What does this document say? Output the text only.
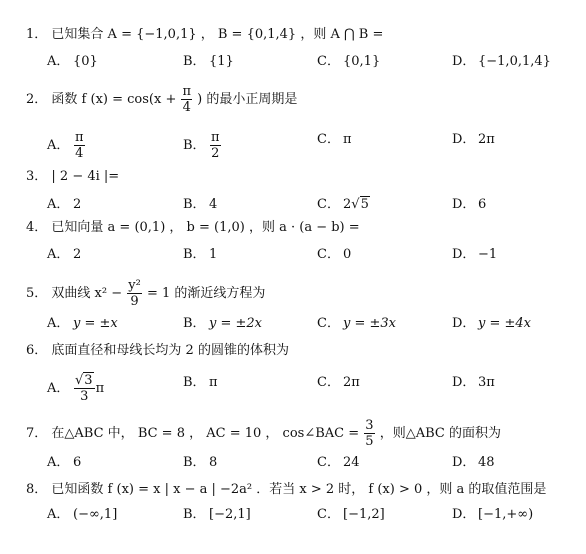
1． 已知集合 A = {−1,0,1} ， B = {0,1,4} ，则 A ⋂ B =
A． {0}	B． {1}	C． {0,1}	D． {−1,0,1,4}
2． 函数 f $(x) = \cos(x + \frac{\pi}{4}$ ) 的最小正周期是
A． $\frac{\pi}{4}$	B． $\frac{\pi}{2}$	C． π	D． 2π
3． | 2 − 4i |=
A． 2	B． 4	C． 2√5	D． 6
4． 已知向量 a = (0,1) ， b = (1,0) ，则 a · (a − b) =
A． 2	B． 1	C． 0	D． −1
5． 双曲线 $x^2 - \frac{\text{y²}}{9} = 1$ 的渐近线方程为
A． y = ±x	B． y = ±2x	C． y = ±3x	D． y = ±4x
6． 底面直径和母线长均为 2 的圆锥的体积为
A． $\frac{√3}{3}$ π	B． π	C． 2π	D． 3π
7． 在△ABC 中， BC = 8 ， AC = 10 ， cos∠BAC = $\frac{3}{5}$ ，则△ABC 的面积为
A． 6	B． 8	C． 24	D． 48
8． 已知函数 f (x) = x | x − a | −2a² ．若当 x > 2 时， f (x) > 0 ，则 a 的取值范围是
A． (−∞,1]	B． [−2,1]	C． [−1,2]	D． [−1,+∞)
